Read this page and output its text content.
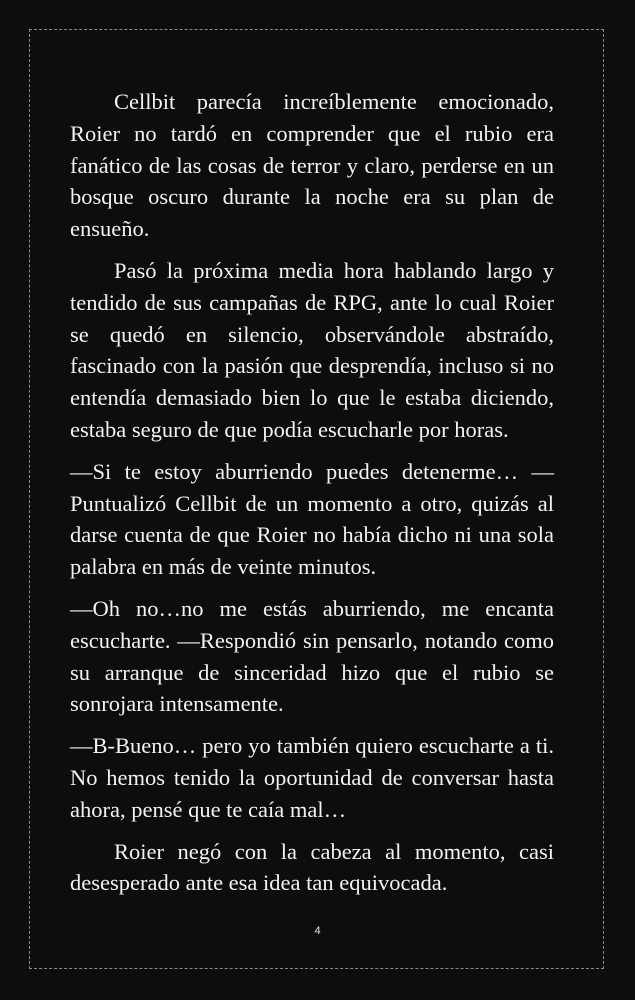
Cellbit parecía increíblemente emocionado, Roier no tardó en comprender que el rubio era fanático de las cosas de terror y claro, perderse en un bosque oscuro durante la noche era su plan de ensueño.

Pasó la próxima media hora hablando largo y tendido de sus campañas de RPG, ante lo cual Roier se quedó en silencio, observándole abstraído, fascinado con la pasión que desprendía, incluso si no entendía demasiado bien lo que le estaba diciendo, estaba seguro de que podía escucharle por horas.

—Si te estoy aburriendo puedes detenerme… —Puntualizó Cellbit de un momento a otro, quizás al darse cuenta de que Roier no había dicho ni una sola palabra en más de veinte minutos.

—Oh no…no me estás aburriendo, me encanta escucharte. —Respondió sin pensarlo, notando como su arranque de sinceridad hizo que el rubio se sonrojara intensamente.

—B-Bueno… pero yo también quiero escucharte a ti. No hemos tenido la oportunidad de conversar hasta ahora, pensé que te caía mal…

Roier negó con la cabeza al momento, casi desesperado ante esa idea tan equivocada.

4
